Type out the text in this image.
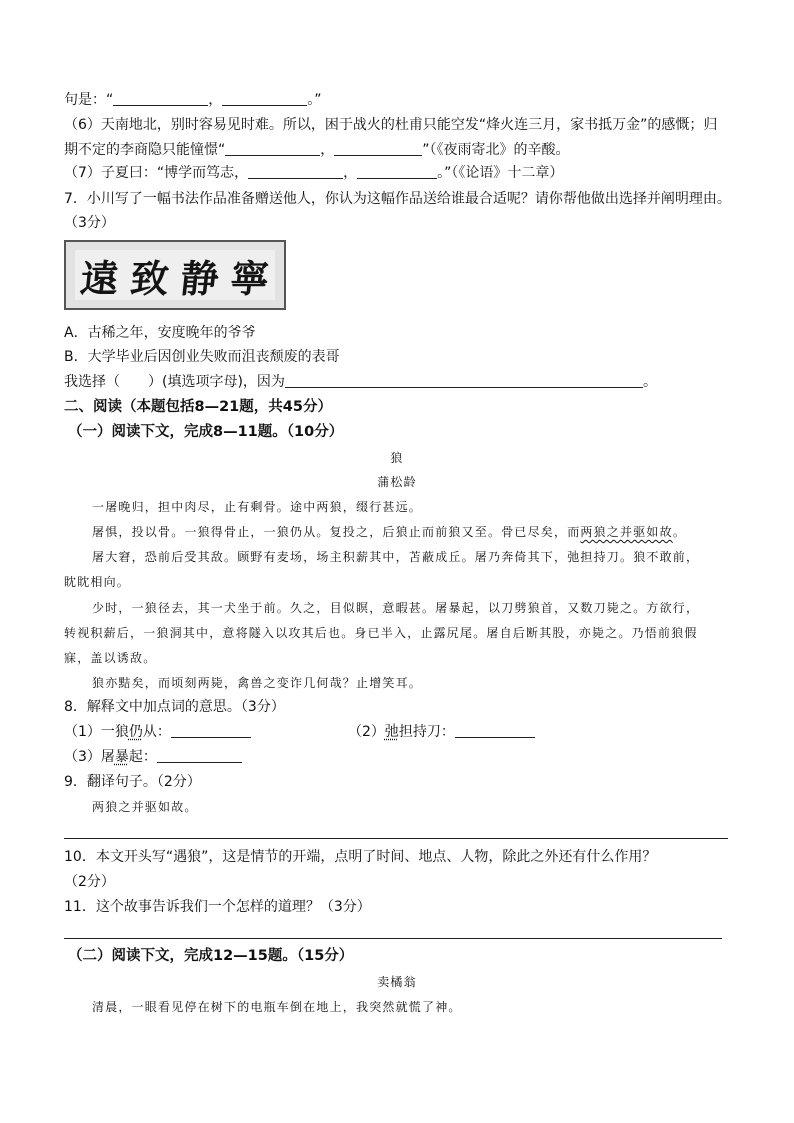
句是：“	，	。”
（6）天南地北，别时容易见时难。所以，困于战火的杜甫只能空发“烽火连三月，家书抵万金”的感慨；归
期不定的李商隐只能憧憬“	，	”（《夜雨寄北》的辛酸。
（7）子夏曰：“博学而笃志，	，	。”（《论语》十二章）
7．小川写了一幅书法作品准备赠送他人，你认为这幅作品送给谁最合适呢？请你帮他做出选择并阐明理由。
（3分）
遠 致 静 寧
A．古稀之年，安度晚年的爷爷
B．大学毕业后因创业失败而沮丧颓废的表哥
我选择（　　）(填选项字母)，因为	。
二、阅读（本题包括8—21题，共45分）
（一）阅读下文，完成8—11题。（10分）
狼
蒲松龄
一屠晚归，担中肉尽，止有剩骨。途中两狼，缀行甚远。
屠惧，投以骨。一狼得骨止，一狼仍从。复投之，后狼止而前狼又至。骨已尽矣，而两狼之并驱如故。
屠大窘，恐前后受其敌。顾野有麦场，场主积薪其中，苫蔽成丘。屠乃奔倚其下，弛担持刀。狼不敢前，
眈眈相向。
少时，一狼径去，其一犬坐于前。久之，目似瞑，意暇甚。屠暴起，以刀劈狼首，又数刀毙之。方欲行，
转视积薪后，一狼洞其中，意将隧入以攻其后也。身已半入，止露尻尾。屠自后断其股，亦毙之。乃悟前狼假
寐，盖以诱敌。
狼亦黠矣，而顷刻两毙，禽兽之变诈几何哉？止增笑耳。
8．解释文中加点词的意思。（3分）
（1）一狼仍从：	（2）弛担持刀：
（3）屠暴起：
9．翻译句子。（2分）
两狼之并驱如故。
10．本文开头写“遇狼”，这是情节的开端，点明了时间、地点、人物，除此之外还有什么作用？
（2分）
11．这个故事告诉我们一个怎样的道理？（3分）
（二）阅读下文，完成12—15题。（15分）
卖橘翁
清晨，一眼看见停在树下的电瓶车倒在地上，我突然就慌了神。
